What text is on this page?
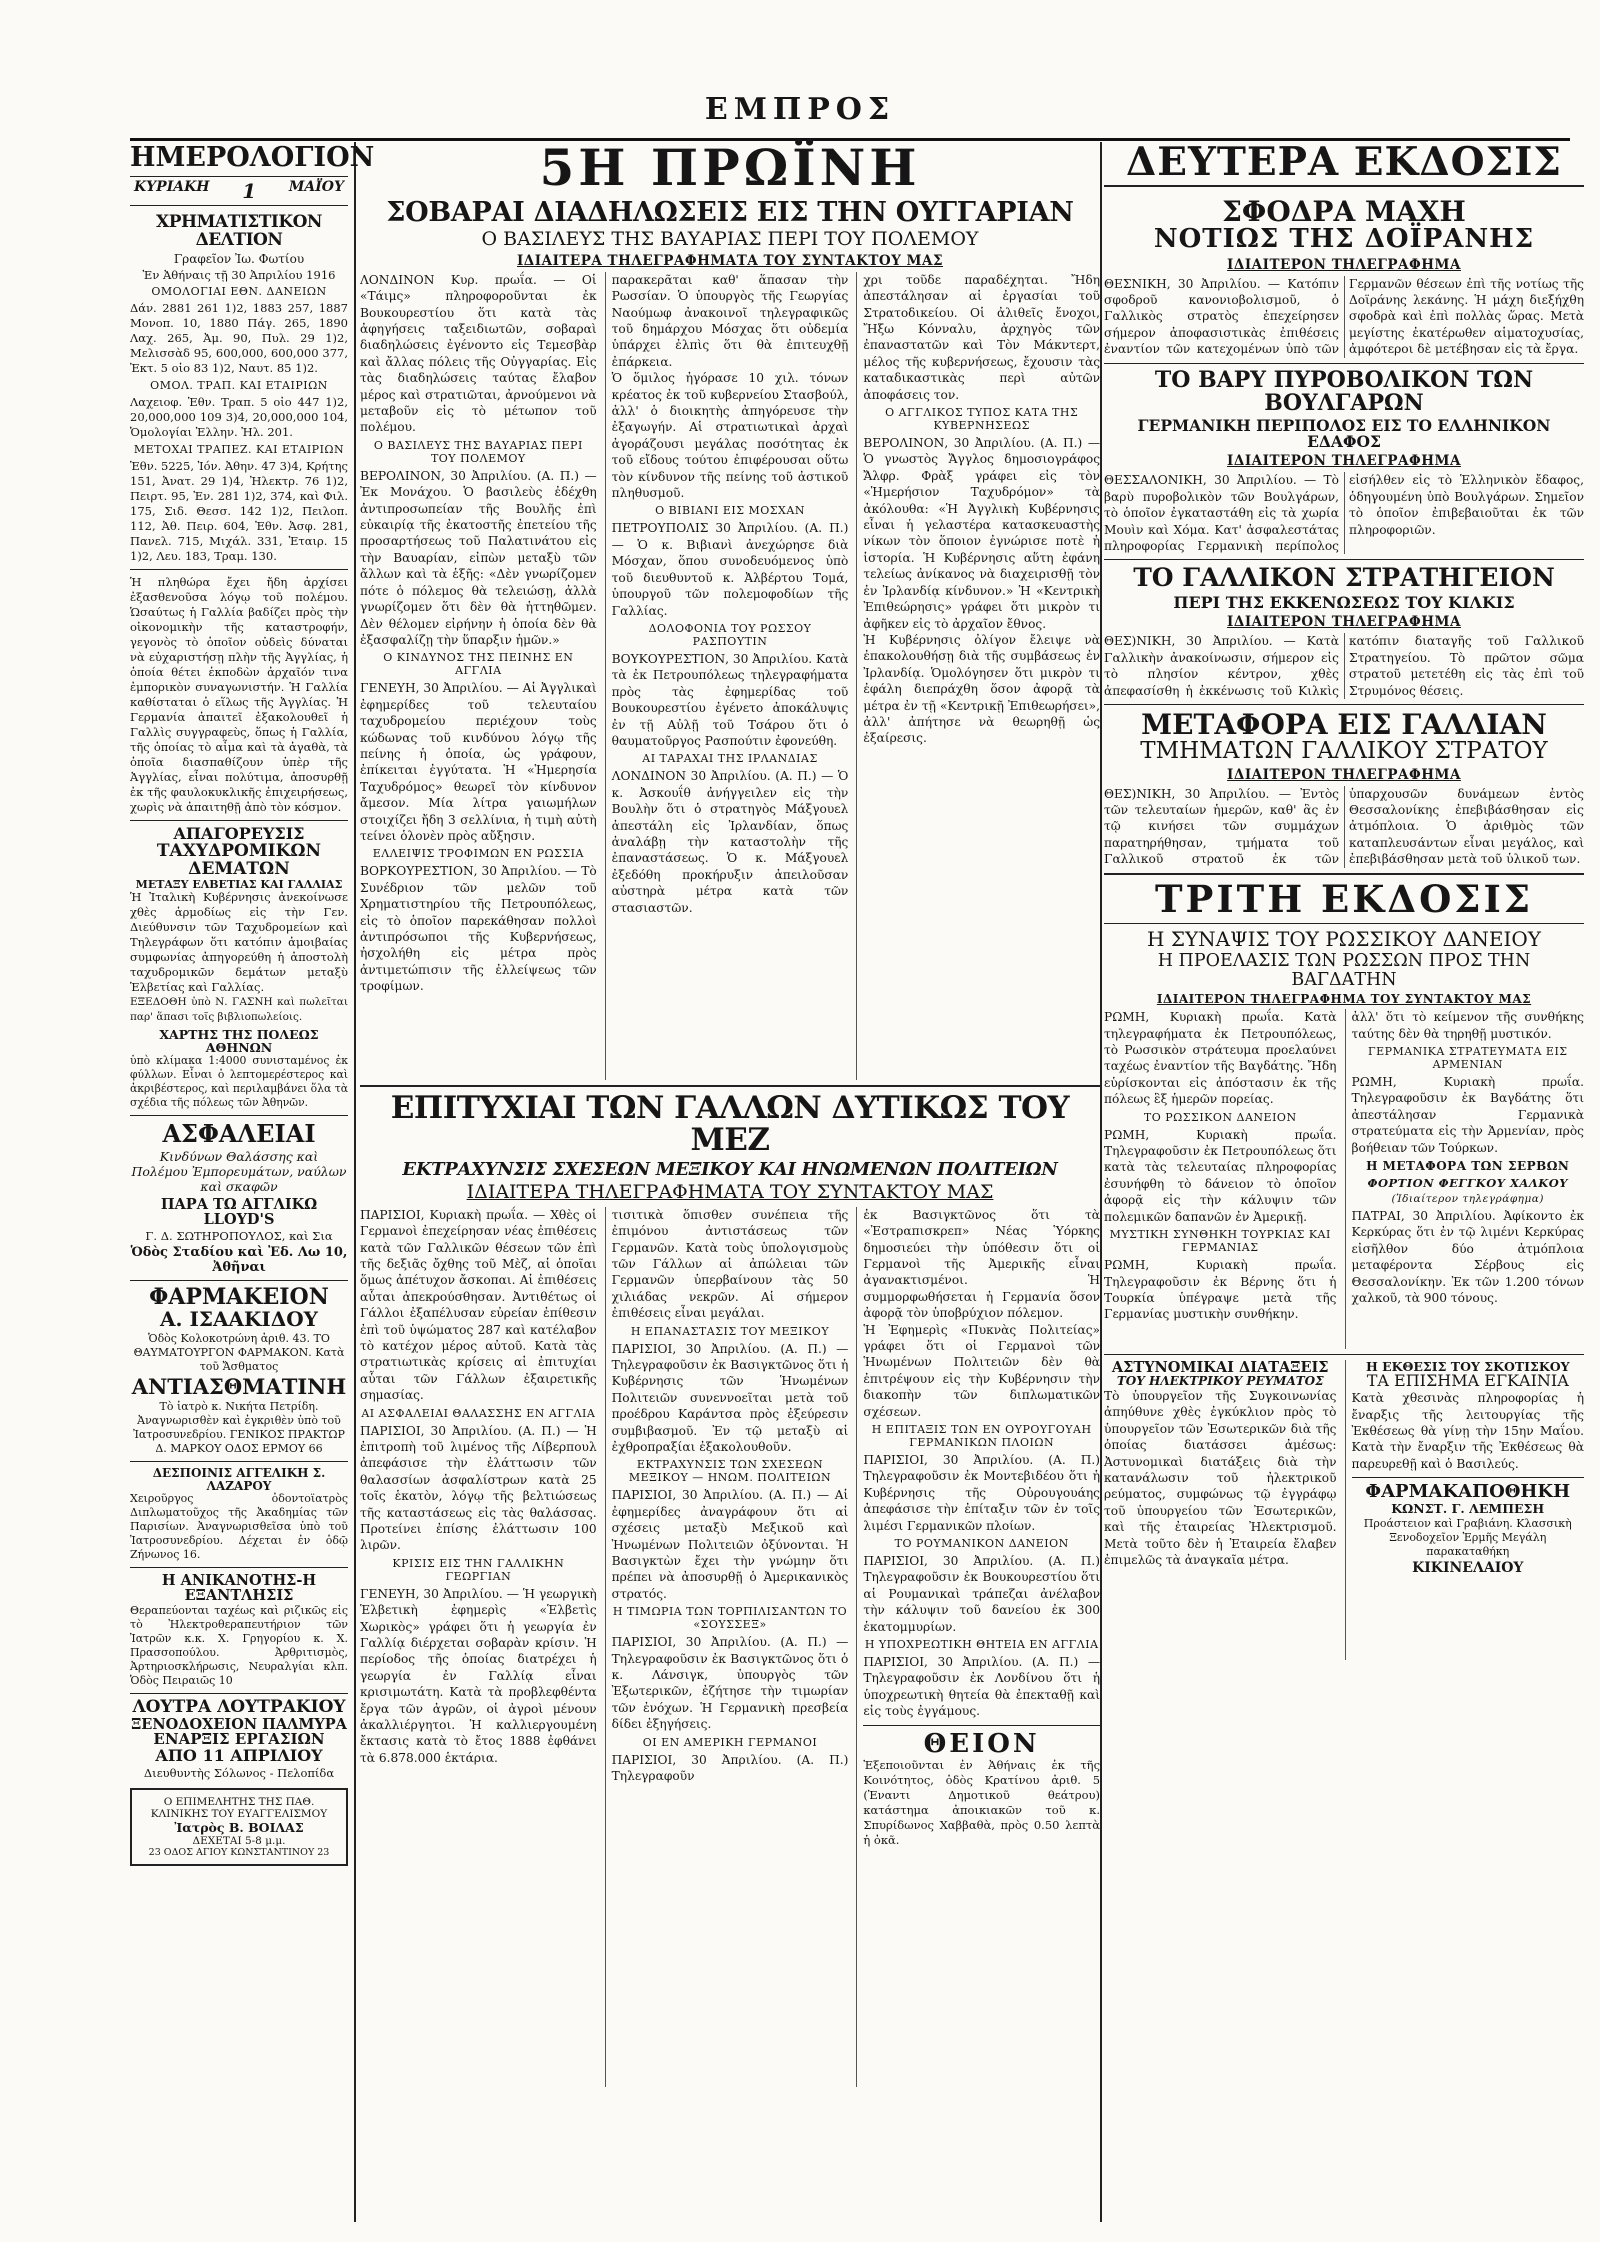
ΕΜΠΡΟΣ
ΗΜΕΡΟΛΟΓΙΟΝ
ΚΥΡΙΑΚΗ 1 ΜΑΪΟΥ
ΧΡΗΜΑΤΙΣΤΙΚΟΝ ΔΕΛΤΙΟΝ
Γραφεῖον Ἰω. Φωτίου
Ἐν Ἀθήναις τῇ 30 Ἀπριλίου 1916
ΟΜΟΛΟΓΙΑΙ ΕΘΝ. ΔΑΝΕΙΩΝ

Δάν. 2881 261 1)2, 1883 257, 1887 Μονοπ. 10, 1880 Πάγ. 265, 1890 Λαχ. 265, Ἀμ. 90, Πυλ. 29 1)2, Μελισσὰδ 95, 600,000, 600,000 377, Ἐκτ. 5 οἰο 83 1)2, Ναυτ. 85 1)2.

ΟΜΟΛ. ΤΡΑΠ. ΚΑΙ ΕΤΑΙΡΙΩΝ

Λαχειοφ. Ἐθν. Τραπ. 5 οἰο 447 1)2, 20,000,000 109 3)4, 20,000,000 104, Ὁμολογίαι Ἑλλην. Ἠλ. 201.

ΜΕΤΟΧΑΙ ΤΡΑΠΕΖ. ΚΑΙ ΕΤΑΙΡΙΩΝ

Ἐθν. 5225, Ἰόν. Ἀθην. 47 3)4, Κρήτης 151, Ἀνατ. 29 1)4, Ἠλεκτρ. 76 1)2, Πειρτ. 95, Ἐν. 281 1)2, 374, καὶ Φιλ. 175, Σιδ. Θεσσ. 142 1)2, Πειλοπ. 112, Ἀθ. Πειρ. 604, Ἐθν. Ἀσφ. 281, Πανελ. 715, Μιχάλ. 331, Ἐταιρ. 15 1)2, Λευ. 183, Τραμ. 130.

Ἡ πληθώρα ἔχει ἤδη ἀρχίσει ἐξασθενοῦσα λόγῳ τοῦ πολέμου. Ὡσαύτως ἡ Γαλλία βαδίζει πρὸς τὴν οἰκονομικὴν τῆς καταστροφήν, γεγονὸς τὸ ὁποῖον οὐδεὶς δύναται νὰ εὐχαριστήσῃ πλὴν τῆς Ἀγγλίας, ἡ ὁποία θέτει ἐκποδὼν ἀρχαῖόν τινα ἐμπορικὸν συναγωνιστήν. Ἡ Γαλλία καθίσταται ὁ εἵλως τῆς Ἀγγλίας. Ἡ Γερμανία ἀπαιτεῖ ἐξακολουθεῖ ἡ Γαλλὶς συγγραφεὺς, ὅπως ἡ Γαλλία, τῆς ὁποίας τὸ αἷμα καὶ τὰ ἀγαθὰ, τὰ ὁποῖα διασπαθίζουν ὑπὲρ τῆς Ἀγγλίας, εἶναι πολύτιμα, ἀποσυρθῇ ἐκ τῆς φαυλοκυκλικῆς ἐπιχειρήσεως, χωρὶς νὰ ἀπαιτηθῇ ἀπὸ τὸν κόσμον.

ΑΠΑΓΟΡΕΥΣΙΣ
ΤΑΧΥΔΡΟΜΙΚΩΝ ΔΕΜΑΤΩΝ
ΜΕΤΑΞΥ ΕΛΒΕΤΙΑΣ ΚΑΙ ΓΑΛΛΙΑΣ

Ἡ Ἰταλικὴ Κυβέρνησις ἀνεκοίνωσε χθὲς ἁρμοδίως εἰς τὴν Γεν. Διεύθυνσιν τῶν Ταχυδρομείων καὶ Τηλεγράφων ὅτι κατόπιν ἀμοιβαίας συμφωνίας ἀπηγορεύθη ἡ ἀποστολὴ ταχυδρομικῶν δεμάτων μεταξὺ Ἑλβετίας καὶ Γαλλίας.

ΕΞΕΔΟΘΗ ὑπὸ Ν. ΓΑΣΝΗ καὶ πωλεῖται παρ' ἅπασι τοῖς βιβλιοπωλείοις.

ΧΑΡΤΗΣ ΤΗΣ ΠΟΛΕΩΣ ΑΘΗΝΩΝ

ὑπὸ κλίμακα 1:4000 συνισταμένος ἐκ φύλλων. Εἶναι ὁ λεπτομερέστερος καὶ ἀκριβέστερος, καὶ περιλαμβάνει ὅλα τὰ σχέδια τῆς πόλεως τῶν Ἀθηνῶν.

ΑΣΦΑΛΕΙΑΙ
Κινδύνων Θαλάσσης καὶ Πολέμου Ἐμπορευμάτων, ναύλων καὶ σκαφῶν
ΠΑΡΑ ΤΩ ΑΓΓΛΙΚΩ LLOYD'S
Γ. Δ. ΣΩΤΗΡΟΠΟΥΛΟΣ, καὶ Σια
Ὁδὸς Σταδίου καὶ Ἐδ. Λω 10, Ἀθῆναι
ΦΑΡΜΑΚΕΙΟΝ
Α. ΙΣΑΑΚΙΔΟΥ
Ὁδὸς Κολοκοτρώνη ἀριθ. 43. ΤΟ ΘΑΥΜΑΤΟΥΡΓΟΝ ΦΑΡΜΑΚΟΝ. Κατὰ τοῦ Ἄσθματος
ΑΝΤΙΑΣΘΜΑΤΙΝΗ
Τὸ ἱατρὸ κ. Νικήτα Πετρίδη. Ἀναγνωρισθὲν καὶ ἐγκριθὲν ὑπὸ τοῦ Ἰατροσυνεδρίου. ΓΕΝΙΚΟΣ ΠΡΑΚΤΩΡ Δ. ΜΑΡΚΟΥ ΟΔΟΣ ΕΡΜΟΥ 66
ΔΕΣΠΟΙΝΙΣ ΑΓΓΕΛΙΚΗ Σ. ΛΑΖΑΡΟΥ

Χειροῦργος ὀδοντοϊατρὸς Διπλωματοῦχος τῆς Ἀκαδημίας τῶν Παρισίων. Ἀναγνωρισθεῖσα ὑπὸ τοῦ Ἰατροσυνεδρίου. Δέχεται ἐν ὁδῷ Ζήνωνος 16.

Η ΑΝΙΚΑΝΟΤΗΣ-Η ΕΞΑΝΤΛΗΣΙΣ

Θεραπεύονται ταχέως καὶ ριζικῶς εἰς τὸ Ἠλεκτροθεραπευτήριον τῶν Ἰατρῶν κ.κ. Χ. Γρηγορίου κ. Χ. Πρασσοπούλου. Ἀρθριτισμὸς, Ἀρτηριοσκλήρωσις, Νευραλγίαι κλπ. Ὁδὸς Πειραιῶς 10

ΛΟΥΤΡΑ ΛΟΥΤΡΑΚΙΟΥ
ΞΕΝΟΔΟΧΕΙΟΝ ΠΑΛΜΥΡΑ
ΕΝΑΡΞΙΣ ΕΡΓΑΣΙΩΝ
ΑΠΟ 11 ΑΠΡΙΛΙΟΥ
Διευθυντὴς Σόλωνος - Πελοπίδα
Ο ΕΠΙΜΕΛΗΤΗΣ ΤΗΣ ΠΑΘ. ΚΛΙΝΙΚΗΣ ΤΟΥ ΕΥΑΓΓΕΛΙΣΜΟΥ
Ἰατρὸς Β. ΒΟΙΛΑΣ
ΔΕΧΕΤΑΙ 5-8 μ.μ.
23 ΟΔΟΣ ΑΓΙΟΥ ΚΩΝΣΤΑΝΤΙΝΟΥ 23
5Η ΠΡΩΪΝΗ
ΣΟΒΑΡΑΙ ΔΙΑΔΗΛΩΣΕΙΣ ΕΙΣ ΤΗΝ ΟΥΓΓΑΡΙΑΝ
Ο ΒΑΣΙΛΕΥΣ ΤΗΣ ΒΑΥΑΡΙΑΣ ΠΕΡΙ ΤΟΥ ΠΟΛΕΜΟΥ
ΙΔΙΑΙΤΕΡΑ ΤΗΛΕΓΡΑΦΗΜΑΤΑ ΤΟΥ ΣΥΝΤΑΚΤΟΥ ΜΑΣ

ΛΟΝΔΙΝΟΝ Κυρ. πρωΐα. — Οἱ «Τάιμς» πληροφοροῦνται ἐκ Βουκουρεστίου ὅτι κατὰ τὰς ἀφηγήσεις ταξειδιωτῶν, σοβαραὶ διαδηλώσεις ἐγένοντο εἰς Τεμεσβὰρ καὶ ἄλλας πόλεις τῆς Οὐγγαρίας. Εἰς τὰς διαδηλώσεις ταύτας ἔλαβον μέρος καὶ στρατιῶται, ἀρνούμενοι νὰ μεταβοῦν εἰς τὸ μέτωπον τοῦ πολέμου.

Ο ΒΑΣΙΛΕΥΣ ΤΗΣ ΒΑΥΑΡΙΑΣ ΠΕΡΙ ΤΟΥ ΠΟΛΕΜΟΥ

ΒΕΡΟΛΙΝΟΝ, 30 Ἀπριλίου. (Α. Π.) — Ἐκ Μονάχου. Ὁ βασιλεὺς ἐδέχθη ἀντιπροσωπείαν τῆς Βουλῆς ἐπὶ εὐκαιρίᾳ τῆς ἐκατοστῆς ἐπετείου τῆς προσαρτήσεως τοῦ Παλατινάτου εἰς τὴν Βαυαρίαν, εἰπὼν μεταξὺ τῶν ἄλλων καὶ τὰ ἑξῆς: «Δὲν γνωρίζομεν πότε ὁ πόλεμος θὰ τελειώσῃ, ἀλλὰ γνωρίζομεν ὅτι δὲν θὰ ἡττηθῶμεν. Δὲν θέλομεν εἰρήνην ἡ ὁποία δὲν θὰ ἐξασφαλίζῃ τὴν ὕπαρξιν ἡμῶν.»

Ο ΚΙΝΔΥΝΟΣ ΤΗΣ ΠΕΙΝΗΣ ΕΝ ΑΓΓΛΙΑ

ΓΕΝΕΥΗ, 30 Ἀπριλίου. — Αἱ Ἀγγλικαὶ ἐφημερίδες τοῦ τελευταίου ταχυδρομείου περιέχουν τοὺς κώδωνας τοῦ κινδύνου λόγῳ τῆς πείνης ἡ ὁποία, ὡς γράφουν, ἐπίκειται ἐγγύτατα. Ἡ «Ἡμερησία Ταχυδρόμος» θεωρεῖ τὸν κίνδυνον ἄμεσον. Μία λίτρα γαιωμήλων στοιχίζει ἤδη 3 σελλίνια, ἡ τιμὴ αὐτὴ τείνει ὁλονὲν πρὸς αὔξησιν.

ΕΛΛΕΙΨΙΣ ΤΡΟΦΙΜΩΝ ΕΝ ΡΩΣΣΙΑ

ΒΟΡΚΟΥΡΕΣΤΙΟΝ, 30 Ἀπριλίου. — Τὸ Συνέδριον τῶν μελῶν τοῦ Χρηματιστηρίου τῆς Πετρουπόλεως, εἰς τὸ ὁποῖον παρεκάθησαν πολλοὶ ἀντιπρόσωποι τῆς Κυβερνήσεως, ἠσχολήθη εἰς μέτρα πρὸς ἀντιμετώπισιν τῆς ἐλλείψεως τῶν τροφίμων.

παρακερᾶται καθ' ἅπασαν τὴν Ρωσσίαν. Ὁ ὑπουργὸς τῆς Γεωργίας Ναούμωφ ἀνακοινοῖ τηλεγραφικῶς τοῦ δημάρχου Μόσχας ὅτι οὐδεμία ὑπάρχει ἐλπὶς ὅτι θὰ ἐπιτευχθῇ ἐπάρκεια.

Ὁ ὅμιλος ἠγόρασε 10 χιλ. τόνων κρέατος ἐκ τοῦ κυβερνείου Στασβούλ, ἀλλ' ὁ διοικητὴς ἀπηγόρευσε τὴν ἐξαγωγήν. Αἱ στρατιωτικαὶ ἀρχαὶ ἀγοράζουσι μεγάλας ποσότητας ἐκ τοῦ εἴδους τούτου ἐπιφέρουσαι οὕτω τὸν κίνδυνον τῆς πείνης τοῦ ἀστικοῦ πληθυσμοῦ.

Ο ΒΙΒΙΑΝΙ ΕΙΣ ΜΟΣΧΑΝ

ΠΕΤΡΟΥΠΟΛΙΣ 30 Ἀπριλίου. (Α. Π.) — Ὁ κ. Βιβιανὶ ἀνεχώρησε διὰ Μόσχαν, ὅπου συνοδευόμενος ὑπὸ τοῦ διευθυντοῦ κ. Ἀλβέρτου Τομά, ὑπουργοῦ τῶν πολεμοφοδίων τῆς Γαλλίας.

ΔΟΛΟΦΟΝΙΑ ΤΟΥ ΡΩΣΣΟΥ ΡΑΣΠΟΥΤΙΝ

ΒΟΥΚΟΥΡΕΣΤΙΟΝ, 30 Ἀπριλίου. Κατὰ τὰ ἐκ Πετρουπόλεως τηλεγραφήματα πρὸς τὰς ἐφημερίδας τοῦ Βουκουρεστίου ἐγένετο ἀποκάλυψις ἐν τῇ Αὐλῇ τοῦ Τσάρου ὅτι ὁ θαυματοῦργος Ρασπούτιν ἐφονεύθη.

ΑΙ ΤΑΡΑΧΑΙ ΤΗΣ ΙΡΛΑΝΔΙΑΣ

ΛΟΝΔΙΝΟΝ 30 Ἀπριλίου. (Α. Π.) — Ὁ κ. Ἀσκουΐθ ἀνήγγειλεν εἰς τὴν Βουλὴν ὅτι ὁ στρατηγὸς Μάξγουελ ἀπεστάλη εἰς Ἰρλανδίαν, ὅπως ἀναλάβῃ τὴν καταστολὴν τῆς ἐπαναστάσεως. Ὁ κ. Μάξγουελ ἐξεδόθη προκήρυξιν ἀπειλοῦσαν αὐστηρὰ μέτρα κατὰ τῶν στασιαστῶν.

χρι τοῦδε παραδέχηται. Ἤδη ἀπεστάλησαν αἱ ἐργασίαι τοῦ Στρατοδικείου. Οἱ ἀλιθεῖς ἔνοχοι, Ἤξω Κόνναλυ, ἀρχηγὸς τῶν ἐπαναστατῶν καὶ Τὸν Μάκντερτ, μέλος τῆς κυβερνήσεως, ἔχουσιν τὰς καταδικαστικὰς περὶ αὐτῶν ἀποφάσεις τον.

Ο ΑΓΓΛΙΚΟΣ ΤΥΠΟΣ ΚΑΤΑ ΤΗΣ ΚΥΒΕΡΝΗΣΕΩΣ

ΒΕΡΟΛΙΝΟΝ, 30 Ἀπριλίου. (Α. Π.) — Ὁ γνωστὸς Ἄγγλος δημοσιογράφος Ἄλφρ. Φρὰξ γράφει εἰς τὸν «Ἡμερήσιον Ταχυδρόμον» τὰ ἀκόλουθα: «Ἡ Ἀγγλικὴ Κυβέρνησις εἶναι ἡ γελαστέρα κατασκευαστὴς νίκων τὸν ὅποιον ἐγνώρισε ποτὲ ἡ ἱστορία. Ἡ Κυβέρνησις αὕτη ἐφάνη τελείως ἀνίκανος νὰ διαχειρισθῇ τὸν ἐν Ἰρλανδίᾳ κίνδυνον.» Ἡ «Κεντρικὴ Ἐπιθεώρησις» γράφει ὅτι μικρὸν τι ἀφῆκεν εἰς τὸ ἀρχαῖον ἔθνος.

Ἡ Κυβέρνησις ὀλίγον ἔλειψε νὰ ἐπακολουθήσῃ διὰ τῆς συμβάσεως ἐν Ἰρλανδίᾳ. Ὁμολόγησεν ὅτι μικρὸν τι ἐφάλη διεπράχθη ὅσον ἀφορᾷ τὰ μέτρα ἐν τῇ «Κεντρικῇ Ἐπιθεωρήσει», ἀλλ' ἀπήτησε νὰ θεωρηθῇ ὡς ἐξαίρεσις.

ΕΠΙΤΥΧΙΑΙ ΤΩΝ ΓΑΛΛΩΝ ΔΥΤΙΚΩΣ ΤΟΥ ΜΕΖ
ΕΚΤΡΑΧΥΝΣΙΣ ΣΧΕΣΕΩΝ ΜΕΞΙΚΟΥ ΚΑΙ ΗΝΩΜΕΝΩΝ ΠΟΛΙΤΕΙΩΝ
ΙΔΙΑΙΤΕΡΑ ΤΗΛΕΓΡΑΦΗΜΑΤΑ ΤΟΥ ΣΥΝΤΑΚΤΟΥ ΜΑΣ

ΠΑΡΙΣΙΟΙ, Κυριακὴ πρωΐα. — Χθὲς οἱ Γερμανοὶ ἐπεχείρησαν νέας ἐπιθέσεις κατὰ τῶν Γαλλικῶν θέσεων τῶν ἐπὶ τῆς δεξιᾶς ὄχθης τοῦ Μὲζ, αἱ ὁποῖαι ὅμως ἀπέτυχον ἄσκοπαι. Αἱ ἐπιθέσεις αὗται ἀπεκρούσθησαν. Ἀντιθέτως οἱ Γάλλοι ἐξαπέλυσαν εὐρείαν ἐπίθεσιν ἐπὶ τοῦ ὑψώματος 287 καὶ κατέλαβον τὸ κατέχον μέρος αὐτοῦ. Κατὰ τὰς στρατιωτικὰς κρίσεις αἱ ἐπιτυχίαι αὗται τῶν Γάλλων ἐξαιρετικῆς σημασίας.

ΑΙ ΑΣΦΑΛΕΙΑΙ ΘΑΛΑΣΣΗΣ ΕΝ ΑΓΓΛΙΑ

ΠΑΡΙΣΙΟΙ, 30 Ἀπριλίου. (Α. Π.) — Ἡ ἐπιτροπὴ τοῦ λιμένος τῆς Λίβερπουλ ἀπεφάσισε τὴν ἐλάττωσιν τῶν θαλασσίων ἀσφαλίστρων κατὰ 25 τοῖς ἑκατὸν, λόγῳ τῆς βελτιώσεως τῆς καταστάσεως εἰς τὰς θαλάσσας. Προτείνει ἐπίσης ἐλάττωσιν 100 λιρῶν.

ΚΡΙΣΙΣ ΕΙΣ ΤΗΝ ΓΑΛΛΙΚΗΝ ΓΕΩΡΓΙΑΝ

ΓΕΝΕΥΗ, 30 Ἀπριλίου. — Ἡ γεωργικὴ Ἑλβετικὴ ἐφημερὶς «Ἑλβετὶς Χωρικὸς» γράφει ὅτι ἡ γεωργία ἐν Γαλλίᾳ διέρχεται σοβαρὰν κρίσιν. Ἡ περίοδος τῆς ὁποίας διατρέχει ἡ γεωργία ἐν Γαλλίᾳ εἶναι κρισιμωτάτη. Κατὰ τὰ προβλεφθέντα ἔργα τῶν ἀγρῶν, οἱ ἀγροὶ μένουν ἀκαλλιέργητοι. Ἡ καλλιεργουμένη ἔκτασις κατὰ τὸ ἔτος 1888 ἐφθάνει τὰ 6.878.000 ἑκτάρια.

τισιτικὰ ὅπισθεν συνέπεια τῆς ἐπιμόνου ἀντιστάσεως τῶν Γερμανῶν. Κατὰ τοὺς ὑπολογισμοὺς τῶν Γάλλων αἱ ἀπώλειαι τῶν Γερμανῶν ὑπερβαίνουν τὰς 50 χιλιάδας νεκρῶν. Αἱ σήμερον ἐπιθέσεις εἶναι μεγάλαι.

Η ΕΠΑΝΑΣΤΑΣΙΣ ΤΟΥ ΜΕΞΙΚΟΥ

ΠΑΡΙΣΙΟΙ, 30 Ἀπριλίου. (Α. Π.) — Τηλεγραφοῦσιν ἐκ Βασιγκτῶνος ὅτι ἡ Κυβέρνησις τῶν Ἡνωμένων Πολιτειῶν συνεννοεῖται μετὰ τοῦ προέδρου Καράντσα πρὸς ἐξεύρεσιν συμβιβασμοῦ. Ἐν τῷ μεταξὺ αἱ ἐχθροπραξίαι ἐξακολουθοῦν.

ΕΚΤΡΑΧΥΝΣΙΣ ΤΩΝ ΣΧΕΣΕΩΝ ΜΕΞΙΚΟΥ — ΗΝΩΜ. ΠΟΛΙΤΕΙΩΝ

ΠΑΡΙΣΙΟΙ, 30 Ἀπριλίου. (Α. Π.) — Αἱ ἐφημερίδες ἀναγράφουν ὅτι αἱ σχέσεις μεταξὺ Μεξικοῦ καὶ Ἡνωμένων Πολιτειῶν ὀξύνονται. Ἡ Βασιγκτὼν ἔχει τὴν γνώμην ὅτι πρέπει νὰ ἀποσυρθῇ ὁ Ἀμερικανικὸς στρατός.

Η ΤΙΜΩΡΙΑ ΤΩΝ ΤΟΡΠΙΛΙΣΑΝΤΩΝ ΤΟ «ΣΟΥΣΣΕΞ»

ΠΑΡΙΣΙΟΙ, 30 Ἀπριλίου. (Α. Π.) — Τηλεγραφοῦσιν ἐκ Βασιγκτῶνος ὅτι ὁ κ. Λάνσιγκ, ὑπουργὸς τῶν Ἐξωτερικῶν, ἐζήτησε τὴν τιμωρίαν τῶν ἐνόχων. Ἡ Γερμανικὴ πρεσβεία δίδει ἐξηγήσεις.

ΟΙ ΕΝ ΑΜΕΡΙΚΗ ΓΕΡΜΑΝΟΙ

ΠΑΡΙΣΙΟΙ, 30 Ἀπριλίου. (Α. Π.) Τηλεγραφοῦν

ἐκ Βασιγκτῶνος ὅτι τὰ «Ἐστραπισκρεπ» Νέας Ὑόρκης δημοσιεύει τὴν ὑπόθεσιν ὅτι οἱ Γερμανοὶ τῆς Ἀμερικῆς εἶναι ἀγανακτισμένοι. Ἡ συμμορφωθήσεται ἡ Γερμανία ὅσον ἀφορᾷ τὸν ὑποβρύχιον πόλεμον.

Ἡ Ἐφημερὶς «Πυκνὰς Πολιτείας» γράφει ὅτι οἱ Γερμανοὶ τῶν Ἡνωμένων Πολιτειῶν δὲν θὰ ἐπιτρέψουν εἰς τὴν Κυβέρνησιν τὴν διακοπὴν τῶν διπλωματικῶν σχέσεων.

Η ΕΠΙΤΑΞΙΣ ΤΩΝ ΕΝ ΟΥΡΟΥΓΟΥΑΗ ΓΕΡΜΑΝΙΚΩΝ ΠΛΟΙΩΝ

ΠΑΡΙΣΙΟΙ, 30 Ἀπριλίου. (Α. Π.) Τηλεγραφοῦσιν ἐκ Μοντεβιδέου ὅτι ἡ Κυβέρνησις τῆς Οὐρουγουάης ἀπεφάσισε τὴν ἐπίταξιν τῶν ἐν τοῖς λιμέσι Γερμανικῶν πλοίων.

ΤΟ ΡΟΥΜΑΝΙΚΟΝ ΔΑΝΕΙΟΝ

ΠΑΡΙΣΙΟΙ, 30 Ἀπριλίου. (Α. Π.) Τηλεγραφοῦσιν ἐκ Βουκουρεστίου ὅτι αἱ Ρουμανικαὶ τράπεζαι ἀνέλαβον τὴν κάλυψιν τοῦ δανείου ἐκ 300 ἑκατομμυρίων.

Η ΥΠΟΧΡΕΩΤΙΚΗ ΘΗΤΕΙΑ ΕΝ ΑΓΓΛΙΑ

ΠΑΡΙΣΙΟΙ, 30 Ἀπριλίου. (Α. Π.) — Τηλεγραφοῦσιν ἐκ Λονδίνου ὅτι ἡ ὑποχρεωτικὴ θητεία θὰ ἐπεκταθῇ καὶ εἰς τοὺς ἐγγάμους.

ΘΕΙΟΝ

Ἐξεποιοῦνται ἐν Ἀθήναις ἐκ τῆς Κοινότητος, ὁδὸς Κρατίνου ἀριθ. 5 (Ἐναντι Δημοτικοῦ θεάτρου) κατάστημα ἀποικιακῶν τοῦ κ. Σπυρίδωνος Χαββαθὰ, πρὸς 0.50 λεπτὰ ἡ ὀκᾶ.

ΔΕΥΤΕΡΑ ΕΚΔΟΣΙΣ
ΣΦΟΔΡΑ ΜΑΧΗ
ΝΟΤΙΩΣ ΤΗΣ ΔΟΪΡΑΝΗΣ
ΙΔΙΑΙΤΕΡΟΝ ΤΗΛΕΓΡΑΦΗΜΑ

ΘΕΣΝΙΚΗ, 30 Ἀπριλίου. — Κατόπιν σφοδροῦ κανονιοβολισμοῦ, ὁ Γαλλικὸς στρατὸς ἐπεχείρησεν σήμερον ἀποφασιστικὰς ἐπιθέσεις ἐναντίον τῶν κατεχομένων ὑπὸ τῶν Γερμανῶν θέσεων ἐπὶ τῆς νοτίως τῆς Δοϊράνης λεκάνης. Ἡ μάχη διεξήχθη σφοδρὰ καὶ ἐπὶ πολλὰς ὥρας. Μετὰ μεγίστης ἐκατέρωθεν αἱματοχυσίας, ἀμφότεροι δὲ μετέβησαν εἰς τὰ ἔργα.

ΤΟ ΒΑΡΥ ΠΥΡΟΒΟΛΙΚΟΝ ΤΩΝ ΒΟΥΛΓΑΡΩΝ
ΓΕΡΜΑΝΙΚΗ ΠΕΡΙΠΟΛΟΣ ΕΙΣ ΤΟ ΕΛΛΗΝΙΚΟΝ ΕΔΑΦΟΣ
ΙΔΙΑΙΤΕΡΟΝ ΤΗΛΕΓΡΑΦΗΜΑ

ΘΕΣΣΑΛΟΝΙΚΗ, 30 Ἀπριλίου. — Τὸ βαρὺ πυροβολικὸν τῶν Βουλγάρων, τὸ ὁποῖον ἐγκαταστάθη εἰς τὰ χωρία Μουὶν καὶ Χόμα. Κατ' ἀσφαλεστάτας πληροφορίας Γερμανικὴ περίπολος εἰσήλθεν εἰς τὸ Ἑλληνικὸν ἔδαφος, ὁδηγουμένη ὑπὸ Βουλγάρων. Σημεῖον τὸ ὁποῖον ἐπιβεβαιοῦται ἐκ τῶν πληροφοριῶν.

ΤΟ ΓΑΛΛΙΚΟΝ ΣΤΡΑΤΗΓΕΙΟΝ
ΠΕΡΙ ΤΗΣ ΕΚΚΕΝΩΣΕΩΣ ΤΟΥ ΚΙΛΚΙΣ
ΙΔΙΑΙΤΕΡΟΝ ΤΗΛΕΓΡΑΦΗΜΑ

ΘΕΣ)ΝΙΚΗ, 30 Ἀπριλίου. — Κατὰ Γαλλικὴν ἀνακοίνωσιν, σήμερον εἰς τὸ πλησίον κέντρον, χθὲς ἀπεφασίσθη ἡ ἐκκένωσις τοῦ Κιλκὶς κατόπιν διαταγῆς τοῦ Γαλλικοῦ Στρατηγείου. Τὸ πρῶτον σῶμα στρατοῦ μετετέθη εἰς τὰς ἐπὶ τοῦ Στρυμόνος θέσεις.

ΜΕΤΑΦΟΡΑ ΕΙΣ ΓΑΛΛΙΑΝ
ΤΜΗΜΑΤΩΝ ΓΑΛΛΙΚΟΥ ΣΤΡΑΤΟΥ
ΙΔΙΑΙΤΕΡΟΝ ΤΗΛΕΓΡΑΦΗΜΑ

ΘΕΣ)ΝΙΚΗ, 30 Ἀπριλίου. — Ἐντὸς τῶν τελευταίων ἡμερῶν, καθ' ἃς ἐν τῷ κινήσει τῶν συμμάχων παρατηρήθησαν, τμήματα τοῦ Γαλλικοῦ στρατοῦ ἐκ τῶν ὑπαρχουσῶν δυνάμεων ἐντὸς Θεσσαλονίκης ἐπεβιβάσθησαν εἰς ἀτμόπλοια. Ὁ ἀριθμὸς τῶν καταπλευσάντων εἶναι μεγάλος, καὶ ἐπεβιβάσθησαν μετὰ τοῦ ὑλικοῦ των.

ΤΡΙΤΗ ΕΚΔΟΣΙΣ
Η ΣΥΝΑΨΙΣ ΤΟΥ ΡΩΣΣΙΚΟΥ ΔΑΝΕΙΟΥ
Η ΠΡΟΕΛΑΣΙΣ ΤΩΝ ΡΩΣΣΩΝ ΠΡΟΣ ΤΗΝ ΒΑΓΔΑΤΗΝ
ΙΔΙΑΙΤΕΡΟΝ ΤΗΛΕΓΡΑΦΗΜΑ ΤΟΥ ΣΥΝΤΑΚΤΟΥ ΜΑΣ

ΡΩΜΗ, Κυριακὴ πρωΐα. Κατὰ τηλεγραφήματα ἐκ Πετρουπόλεως, τὸ Ρωσσικὸν στράτευμα προελαύνει ταχέως ἐναντίον τῆς Βαγδάτης. Ἤδη εὑρίσκονται εἰς ἀπόστασιν ἐκ τῆς πόλεως ἓξ ἡμερῶν πορείας.

ΤΟ ΡΩΣΣΙΚΟΝ ΔΑΝΕΙΟΝ

ΡΩΜΗ, Κυριακὴ πρωΐα. Τηλεγραφοῦσιν ἐκ Πετρουπόλεως ὅτι κατὰ τὰς τελευταίας πληροφορίας ἐσυνήφθη τὸ δάνειον τὸ ὁποῖον ἀφορᾷ εἰς τὴν κάλυψιν τῶν πολεμικῶν δαπανῶν ἐν Ἀμερικῇ.

ΜΥΣΤΙΚΗ ΣΥΝΘΗΚΗ ΤΟΥΡΚΙΑΣ ΚΑΙ ΓΕΡΜΑΝΙΑΣ

ΡΩΜΗ, Κυριακὴ πρωΐα. Τηλεγραφοῦσιν ἐκ Βέρνης ὅτι ἡ Τουρκία ὑπέγραψε μετὰ τῆς Γερμανίας μυστικὴν συνθήκην.

ἀλλ' ὅτι τὸ κείμενον τῆς συνθήκης ταύτης δὲν θὰ τηρηθῇ μυστικόν.

ΓΕΡΜΑΝΙΚΑ ΣΤΡΑΤΕΥΜΑΤΑ ΕΙΣ ΑΡΜΕΝΙΑΝ

ΡΩΜΗ, Κυριακὴ πρωΐα. Τηλεγραφοῦσιν ἐκ Βαγδάτης ὅτι ἀπεστάλησαν Γερμανικὰ στρατεύματα εἰς τὴν Ἀρμενίαν, πρὸς βοήθειαν τῶν Τούρκων.

Η ΜΕΤΑΦΟΡΑ ΤΩΝ ΣΕΡΒΩΝ
ΦΟΡΤΙΟΝ ΦΕΓΓΚΟΥ ΧΑΛΚΟΥ
(Ἰδιαίτερον τηλεγράφημα)

ΠΑΤΡΑΙ, 30 Ἀπριλίου. Ἀφίκοντο ἐκ Κερκύρας ὅτι ἐν τῷ λιμένι Κερκύρας εἰσῆλθον δύο ἀτμόπλοια μεταφέροντα Σέρβους εἰς Θεσσαλονίκην. Ἐκ τῶν 1.200 τόνων χαλκοῦ, τὰ 900 τόνους.

ΑΣΤΥΝΟΜΙΚΑΙ ΔΙΑΤΑΞΕΙΣ
ΤΟΥ ΗΛΕΚΤΡΙΚΟΥ ΡΕΥΜΑΤΟΣ

Τὸ ὑπουργεῖον τῆς Συγκοινωνίας ἀπηύθυνε χθὲς ἐγκύκλιον πρὸς τὸ ὑπουργεῖον τῶν Ἐσωτερικῶν διὰ τῆς ὁποίας διατάσσει ἀμέσως: Ἀστυνομικαὶ διατάξεις διὰ τὴν κατανάλωσιν τοῦ ἠλεκτρικοῦ ρεύματος, συμφώνως τῷ ἐγγράφῳ τοῦ ὑπουργείου τῶν Ἐσωτερικῶν, καὶ τῆς ἐταιρείας Ἠλεκτρισμοῦ. Μετὰ τοῦτο δὲν ἡ Ἐταιρεία ἔλαβεν ἐπιμελῶς τὰ ἀναγκαῖα μέτρα.

Η ΕΚΘΕΣΙΣ ΤΟΥ ΣΚΟΤΙΣΚΟΥ
ΤΑ ΕΠΙΣΗΜΑ ΕΓΚΑΙΝΙΑ

Κατὰ χθεσινὰς πληροφορίας ἡ ἔναρξις τῆς λειτουργίας τῆς Ἐκθέσεως θὰ γίνῃ τὴν 15ην Μαΐου. Κατὰ τὴν ἔναρξιν τῆς Ἐκθέσεως θὰ παρευρεθῇ καὶ ὁ Βασιλεύς.

ΦΑΡΜΑΚΑΠΟΘΗΚΗ
ΚΩΝΣΤ. Γ. ΛΕΜΠΕΣΗ
Προάστειον καὶ Γραβιάνη. Κλασσικὴ Ξενοδοχεῖον Ἑρμῆς Μεγάλη παρακαταθήκη
ΚΙΚΙΝΕΛΑΙΟΥ
